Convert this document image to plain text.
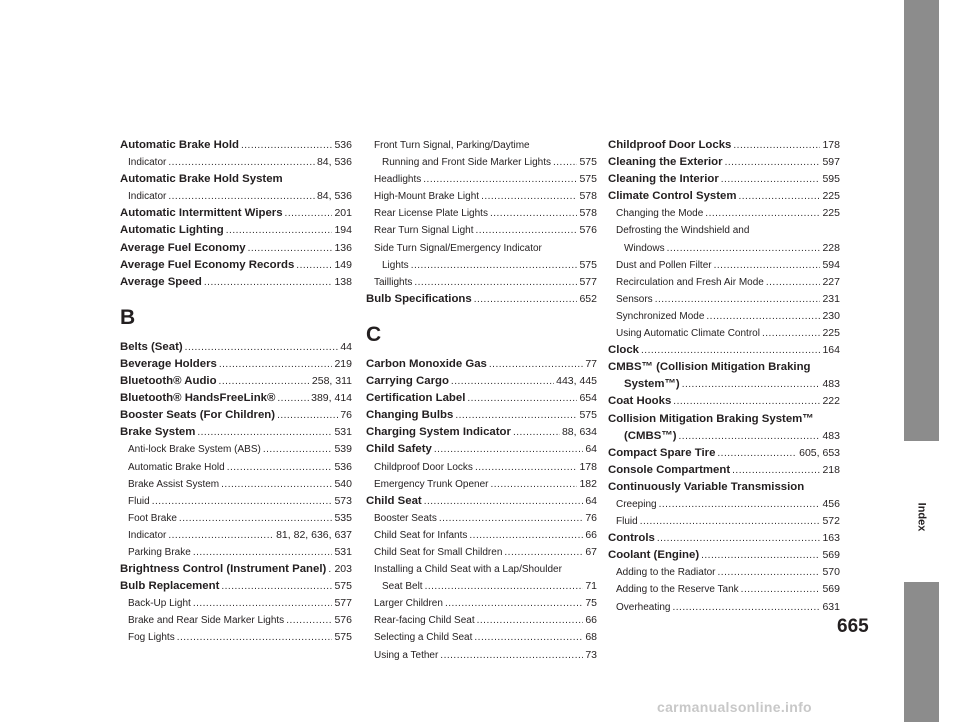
Automatic Brake Hold .....	536
Indicator .....	84, 536
Automatic Brake Hold System
Indicator .....	84, 536
Automatic Intermittent Wipers .....	201
Automatic Lighting .....	194
Average Fuel Economy .....	136
Average Fuel Economy Records .....	149
Average Speed .....	138
B
Belts (Seat) .....	44
Beverage Holders .....	219
Bluetooth® Audio .....	258, 311
Bluetooth® HandsFreeLink® .....	389, 414
Booster Seats (For Children) .....	76
Brake System .....	531
Anti-lock Brake System (ABS) .....	539
Automatic Brake Hold .....	536
Brake Assist System .....	540
Fluid .....	573
Foot Brake .....	535
Indicator .....	81, 82, 636, 637
Parking Brake .....	531
Brightness Control (Instrument Panel) ..... 203
Bulb Replacement .....	575
Back-Up Light .....	577
Brake and Rear Side Marker Lights .....	576
Fog Lights .....	575
Front Turn Signal, Parking/Daytime
Running and Front Side Marker Lights .....	575
Headlights .....	575
High-Mount Brake Light .....	578
Rear License Plate Lights .....	578
Rear Turn Signal Light .....	576
Side Turn Signal/Emergency Indicator
Lights .....	575
Taillights .....	577
Bulb Specifications .....	652
C
Carbon Monoxide Gas .....	77
Carrying Cargo .....	443, 445
Certification Label .....	654
Changing Bulbs .....	575
Charging System Indicator .....	88, 634
Child Safety .....	64
Childproof Door Locks .....	178
Emergency Trunk Opener .....	182
Child Seat .....	64
Booster Seats .....	76
Child Seat for Infants .....	66
Child Seat for Small Children .....	67
Installing a Child Seat with a Lap/Shoulder
Seat Belt .....	71
Larger Children .....	75
Rear-facing Child Seat .....	66
Selecting a Child Seat .....	68
Using a Tether .....	73
Childproof Door Locks .....	178
Cleaning the Exterior .....	597
Cleaning the Interior .....	595
Climate Control System .....	225
Changing the Mode .....	225
Defrosting the Windshield and
Windows .....	228
Dust and Pollen Filter .....	594
Recirculation and Fresh Air Mode .....	227
Sensors .....	231
Synchronized Mode .....	230
Using Automatic Climate Control .....	225
Clock .....	164
CMBS™ (Collision Mitigation Braking
System™) .....	483
Coat Hooks .....	222
Collision Mitigation Braking System™
(CMBS™) .....	483
Compact Spare Tire .....	605, 653
Console Compartment .....	218
Continuously Variable Transmission
Creeping .....	456
Fluid .....	572
Controls .....	163
Coolant (Engine) .....	569
Adding to the Radiator .....	570
Adding to the Reserve Tank .....	569
Overheating .....	631
Index
665
carmanualsonline.info
